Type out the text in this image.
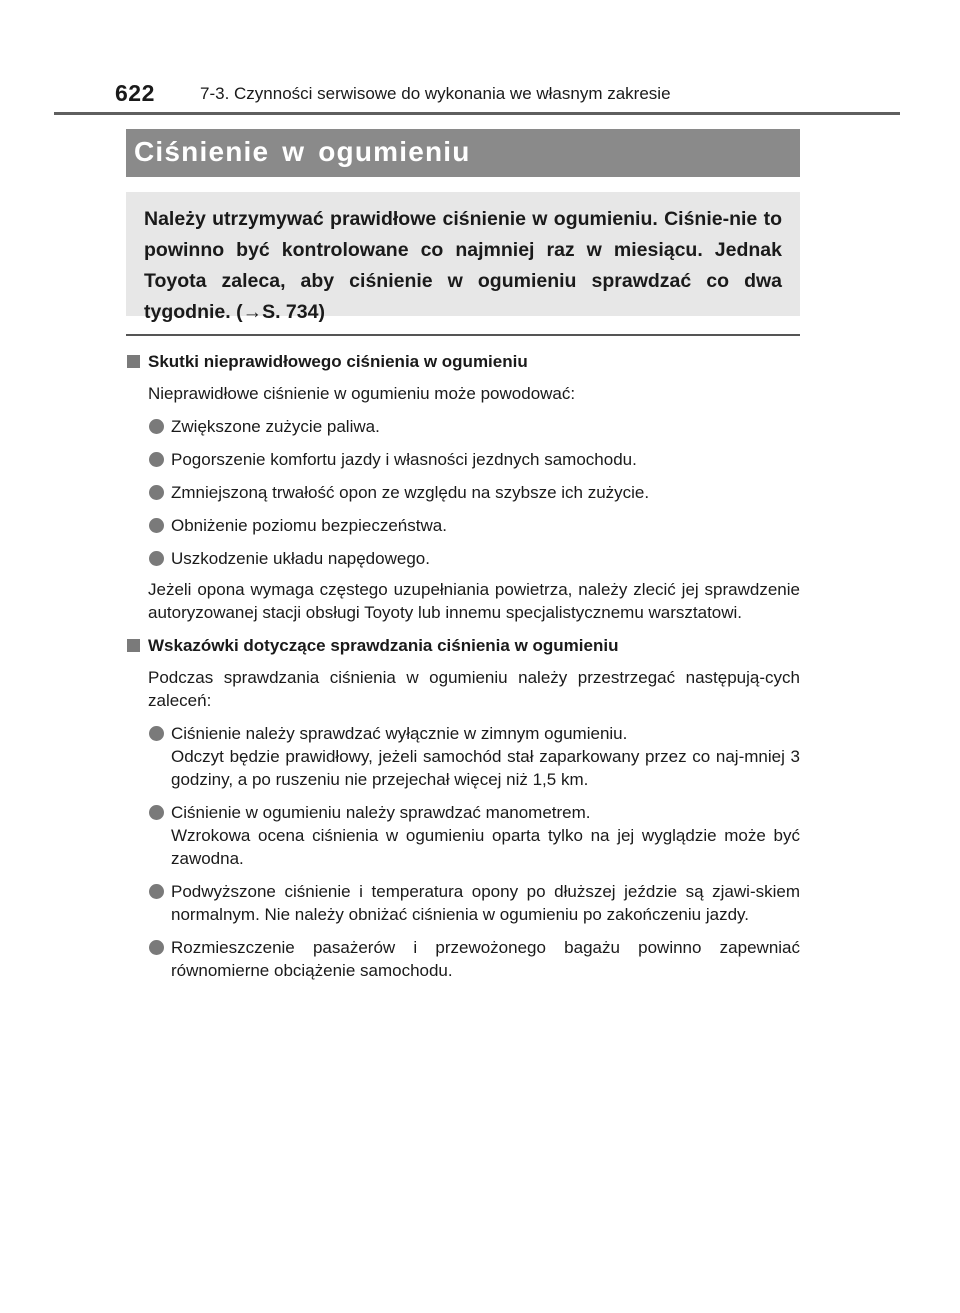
622	7-3. Czynności serwisowe do wykonania we własnym zakresie
Ciśnienie w ogumieniu

Należy utrzymywać prawidłowe ciśnienie w ogumieniu. Ciśnie-nie to powinno być kontrolowane co najmniej raz w miesiącu. Jednak Toyota zaleca, aby ciśnienie w ogumieniu sprawdzać co dwa tygodnie. (→S. 734)

Skutki nieprawidłowego ciśnienia w ogumieniu
Nieprawidłowe ciśnienie w ogumieniu może powodować:
Zwiększone zużycie paliwa.
Pogorszenie komfortu jazdy i własności jezdnych samochodu.
Zmniejszoną trwałość opon ze względu na szybsze ich zużycie.
Obniżenie poziomu bezpieczeństwa.
Uszkodzenie układu napędowego.
Jeżeli opona wymaga częstego uzupełniania powietrza, należy zlecić jej sprawdzenie autoryzowanej stacji obsługi Toyoty lub innemu specjalistycznemu warsztatowi.
Wskazówki dotyczące sprawdzania ciśnienia w ogumieniu
Podczas sprawdzania ciśnienia w ogumieniu należy przestrzegać następują-cych zaleceń:
Ciśnienie należy sprawdzać wyłącznie w zimnym ogumieniu.
Odczyt będzie prawidłowy, jeżeli samochód stał zaparkowany przez co naj-mniej 3 godziny, a po ruszeniu nie przejechał więcej niż 1,5 km.
Ciśnienie w ogumieniu należy sprawdzać manometrem.
Wzrokowa ocena ciśnienia w ogumieniu oparta tylko na jej wyglądzie może być zawodna.
Podwyższone ciśnienie i temperatura opony po dłuższej jeździe są zjawi-skiem normalnym. Nie należy obniżać ciśnienia w ogumieniu po zakończeniu jazdy.
Rozmieszczenie pasażerów i przewożonego bagażu powinno zapewniać równomierne obciążenie samochodu.
